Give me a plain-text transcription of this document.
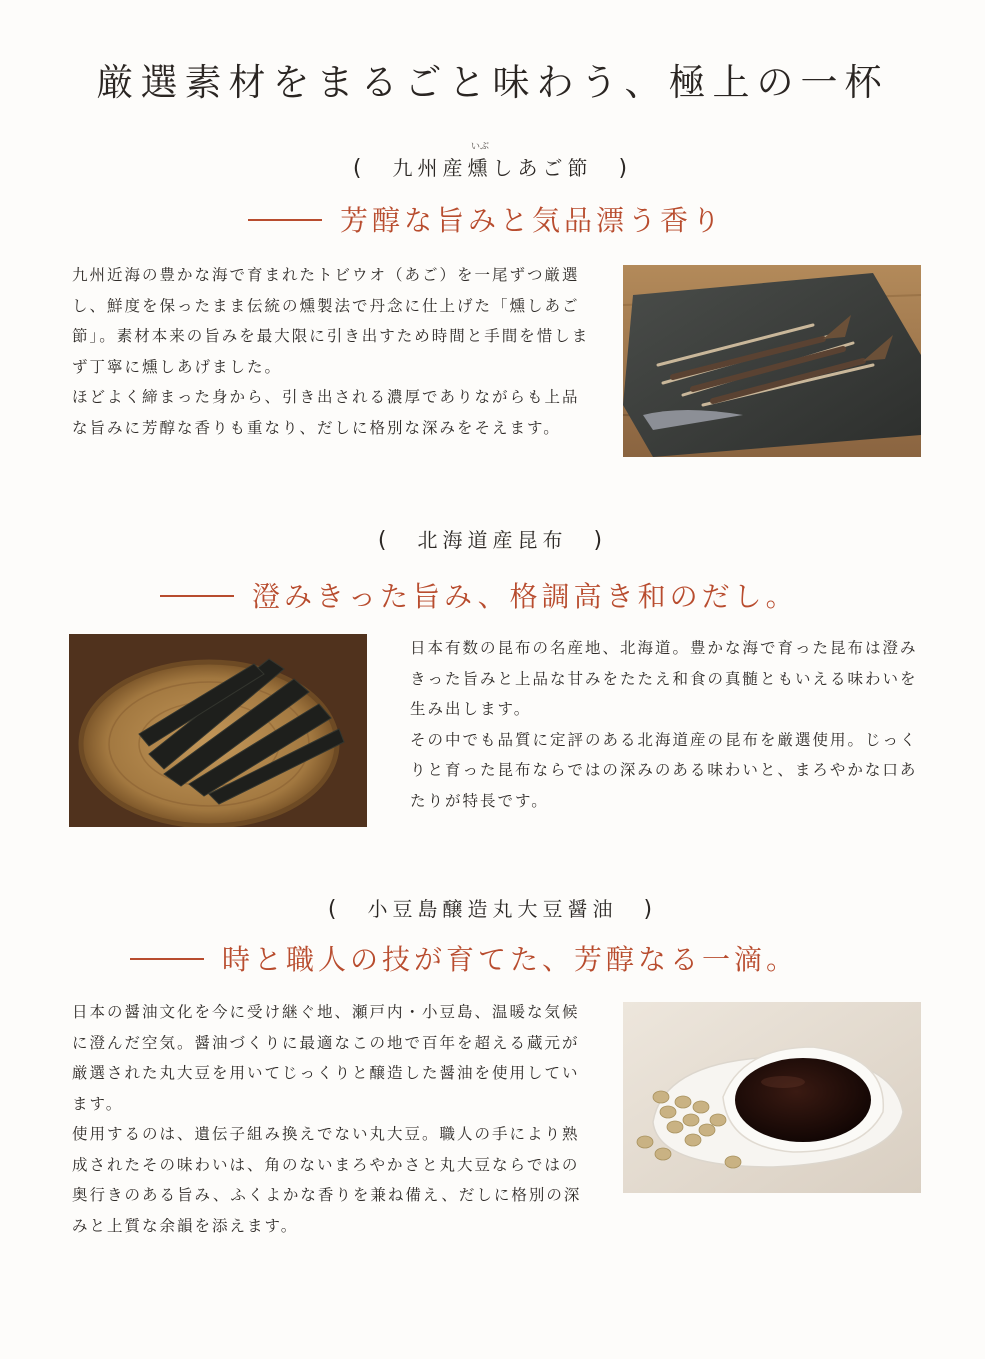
厳選素材をまるごと味わう、極上の一杯
( 九州産
いぶ
燻しあご節 )
芳醇な旨みと気品漂う香り

九州近海の豊かな海で育まれたトビウオ（あご）を一尾ずつ厳選し、鮮度を保ったまま伝統の燻製法で丹念に仕上げた「燻しあご節」。素材本来の旨みを最大限に引き出すため時間と手間を惜しまず丁寧に燻しあげました。

ほどよく締まった身から、引き出される濃厚でありながらも上品な旨みに芳醇な香りも重なり、だしに格別な深みをそえます。

( 北海道産昆布 )
澄みきった旨み、格調高き和のだし。

日本有数の昆布の名産地、北海道。豊かな海で育った昆布は澄みきった旨みと上品な甘みをたたえ和食の真髄ともいえる味わいを生み出します。

その中でも品質に定評のある北海道産の昆布を厳選使用。じっくりと育った昆布ならではの深みのある味わいと、まろやかな口あたりが特長です。

( 小豆島醸造丸大豆醤油 )
時と職人の技が育てた、芳醇なる一滴。

日本の醤油文化を今に受け継ぐ地、瀬戸内・小豆島、温暖な気候に澄んだ空気。醤油づくりに最適なこの地で百年を超える蔵元が厳選された丸大豆を用いてじっくりと醸造した醤油を使用しています。

使用するのは、遺伝子組み換えでない丸大豆。職人の手により熟成されたその味わいは、角のないまろやかさと丸大豆ならではの奥行きのある旨み、ふくよかな香りを兼ね備え、だしに格別の深みと上質な余韻を添えます。
